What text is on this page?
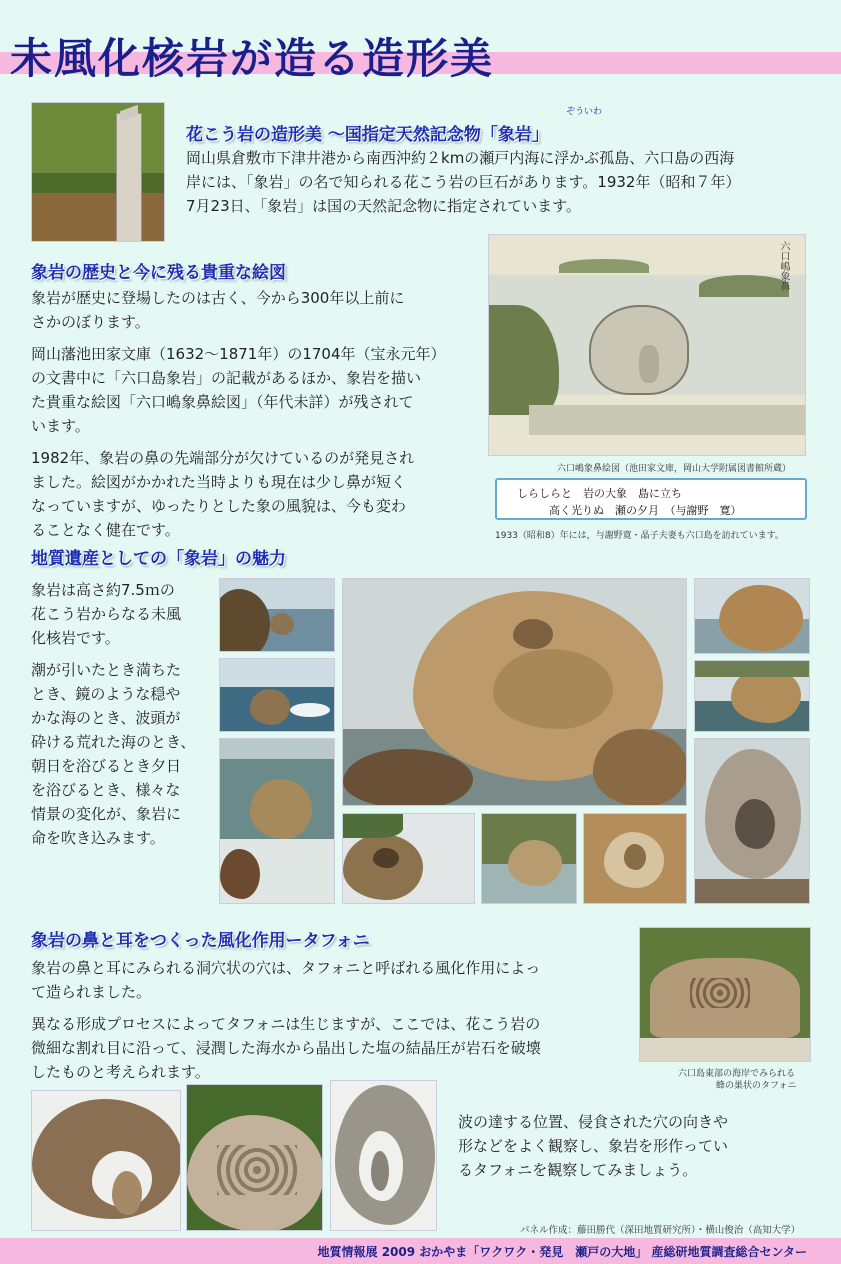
未風化核岩が造る造形美
花こう岩の造形美 ～国指定天然記念物「象岩」
ぞういわ
岡山県倉敷市下津井港から南西沖約２kmの瀬戸内海に浮かぶ孤島、六口島の西海
岸には、「象岩」の名で知られる花こう岩の巨石があります。1932年（昭和７年）
7月23日、「象岩」は国の天然記念物に指定されています。
象岩の歴史と今に残る貴重な絵図
象岩が歴史に登場したのは古く、今から300年以上前に
さかのぼります。
岡山藩池田家文庫（1632～1871年）の1704年（宝永元年）
の文書中に「六口島象岩」の記載があるほか、象岩を描い
た貴重な絵図「六口嶋象鼻絵図」（年代未詳）が残されて
います。
1982年、象岩の鼻の先端部分が欠けているのが発見され
ました。絵図がかかれた当時よりも現在は少し鼻が短く
なっていますが、ゆったりとした象の風貌は、今も変わ
ることなく健在です。
六口嶋象鼻
六口嶋象鼻絵図（池田家文庫，岡山大学附属図書館所蔵）
しらしらと　岩の大象　島に立ち
高く光りぬ　瀬の夕月　（与謝野　寛）
1933（昭和8）年には，与謝野寛・晶子夫妻も六口島を訪れています。
地質遺産としての「象岩」の魅力
象岩は高さ約7.5ｍの
花こう岩からなる未風
化核岩です。
潮が引いたとき満ちた
とき、鏡のような穏や
かな海のとき、波頭が
砕ける荒れた海のとき、
朝日を浴びるとき夕日
を浴びるとき、様々な
情景の変化が、象岩に
命を吹き込みます。
象岩の鼻と耳をつくった風化作用ータフォニ
象岩の鼻と耳にみられる洞穴状の穴は、タフォニと呼ばれる風化作用によっ
て造られました。
異なる形成プロセスによってタフォニは生じますが、ここでは、花こう岩の
微細な割れ目に沿って、浸潤した海水から晶出した塩の結晶圧が岩石を破壊
したものと考えられます。	六口島東部の海岸でみられる
蜂の巣状のタフォニ
波の達する位置、侵食された穴の向きや
形などをよく観察し、象岩を形作ってい
るタフォニを観察してみましょう。
パネル作成：藤田勝代（深田地質研究所）・横山俊治（高知大学）
地質情報展 2009 おかやま「ワクワク・発見　瀬戸の大地」 産総研地質調査総合センター
